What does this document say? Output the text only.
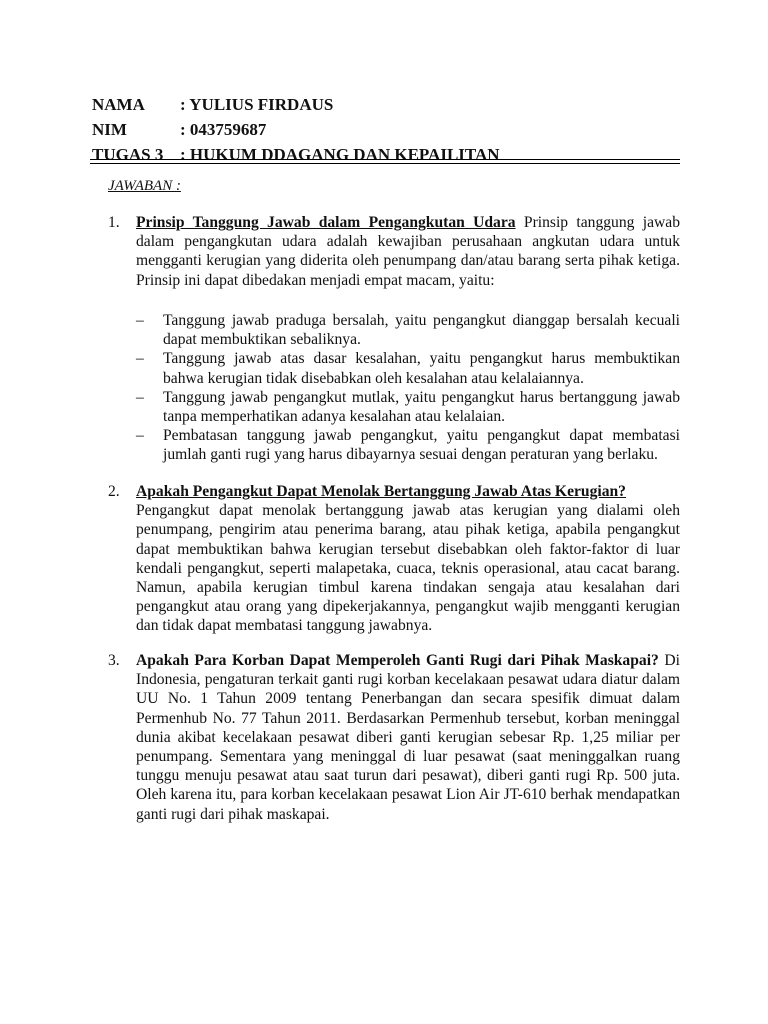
NAMA	: YULIUS FIRDAUS
NIM	: 043759687
TUGAS 3 : HUKUM DDAGANG DAN KEPAILITAN
JAWABAN :
1.	Prinsip Tanggung Jawab dalam Pengangkutan Udara Prinsip tanggung jawab dalam pengangkutan udara adalah kewajiban perusahaan angkutan udara untuk mengganti kerugian yang diderita oleh penumpang dan/atau barang serta pihak ketiga. Prinsip ini dapat dibedakan menjadi empat macam, yaitu:

– Tanggung jawab praduga bersalah, yaitu pengangkut dianggap bersalah kecuali dapat membuktikan sebaliknya.
– Tanggung jawab atas dasar kesalahan, yaitu pengangkut harus membuktikan bahwa kerugian tidak disebabkan oleh kesalahan atau kelalaiannya.
– Tanggung jawab pengangkut mutlak, yaitu pengangkut harus bertanggung jawab tanpa memperhatikan adanya kesalahan atau kelalaian.
– Pembatasan tanggung jawab pengangkut, yaitu pengangkut dapat membatasi jumlah ganti rugi yang harus dibayarnya sesuai dengan peraturan yang berlaku.
2.	Apakah Pengangkut Dapat Menolak Bertanggung Jawab Atas Kerugian?

Pengangkut dapat menolak bertanggung jawab atas kerugian yang dialami oleh penumpang, pengirim atau penerima barang, atau pihak ketiga, apabila pengangkut dapat membuktikan bahwa kerugian tersebut disebabkan oleh faktor-faktor di luar kendali pengangkut, seperti malapetaka, cuaca, teknis operasional, atau cacat barang. Namun, apabila kerugian timbul karena tindakan sengaja atau kesalahan dari pengangkut atau orang yang dipekerjakannya, pengangkut wajib mengganti kerugian dan tidak dapat membatasi tanggung jawabnya.

3.	Apakah Para Korban Dapat Memperoleh Ganti Rugi dari Pihak Maskapai? Di Indonesia, pengaturan terkait ganti rugi korban kecelakaan pesawat udara diatur dalam UU No. 1 Tahun 2009 tentang Penerbangan dan secara spesifik dimuat dalam Permenhub No. 77 Tahun 2011. Berdasarkan Permenhub tersebut, korban meninggal dunia akibat kecelakaan pesawat diberi ganti kerugian sebesar Rp. 1,25 miliar per penumpang. Sementara yang meninggal di luar pesawat (saat meninggalkan ruang tunggu menuju pesawat atau saat turun dari pesawat), diberi ganti rugi Rp. 500 juta. Oleh karena itu, para korban kecelakaan pesawat Lion Air JT-610 berhak mendapatkan ganti rugi dari pihak maskapai.
